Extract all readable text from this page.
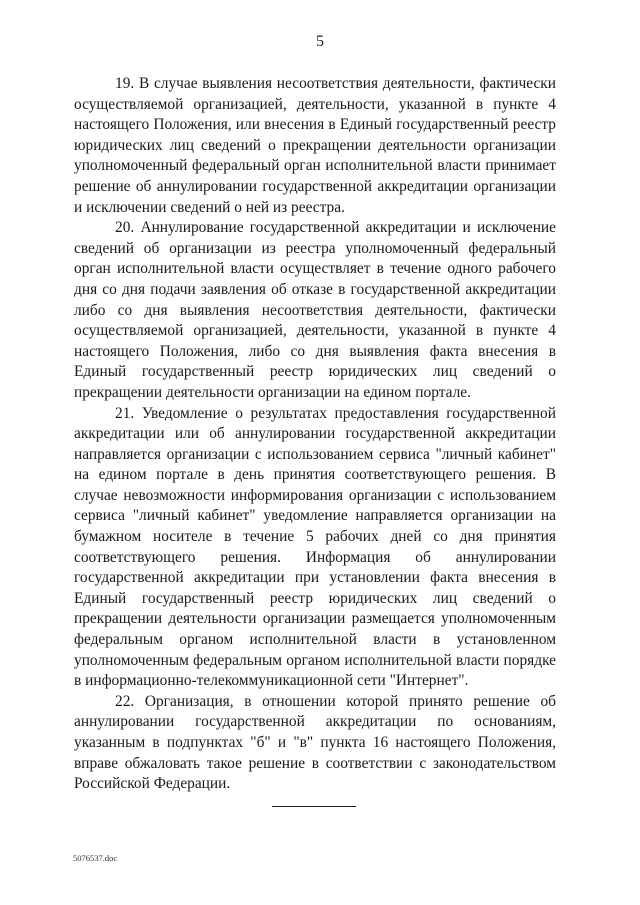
5

19. В случае выявления несоответствия деятельности, фактически осуществляемой организацией, деятельности, указанной в пункте 4 настоящего Положения, или внесения в Единый государственный реестр юридических лиц сведений о прекращении деятельности организации уполномоченный федеральный орган исполнительной власти принимает решение об аннулировании государственной аккредитации организации и исключении сведений о ней из реестра.

20. Аннулирование государственной аккредитации и исключение сведений об организации из реестра уполномоченный федеральный орган исполнительной власти осуществляет в течение одного рабочего дня со дня подачи заявления об отказе в государственной аккредитации либо со дня выявления несоответствия деятельности, фактически осуществляемой организацией, деятельности, указанной в пункте 4 настоящего Положения, либо со дня выявления факта внесения в Единый государственный реестр юридических лиц сведений о прекращении деятельности организации на едином портале.

21. Уведомление о результатах предоставления государственной аккредитации или об аннулировании государственной аккредитации направляется организации с использованием сервиса "личный кабинет" на едином портале в день принятия соответствующего решения. В случае невозможности информирования организации с использованием сервиса "личный кабинет" уведомление направляется организации на бумажном носителе в течение 5 рабочих дней со дня принятия соответствующего решения. Информация об аннулировании государственной аккредитации при установлении факта внесения в Единый государственный реестр юридических лиц сведений о прекращении деятельности организации размещается уполномоченным федеральным органом исполнительной власти в установленном уполномоченным федеральным органом исполнительной власти порядке в информационно-телекоммуникационной сети "Интернет".

22. Организация, в отношении которой принято решение об аннулировании государственной аккредитации по основаниям, указанным в подпунктах "б" и "в" пункта 16 настоящего Положения, вправе обжаловать такое решение в соответствии с законодательством Российской Федерации.

5076537.doc
